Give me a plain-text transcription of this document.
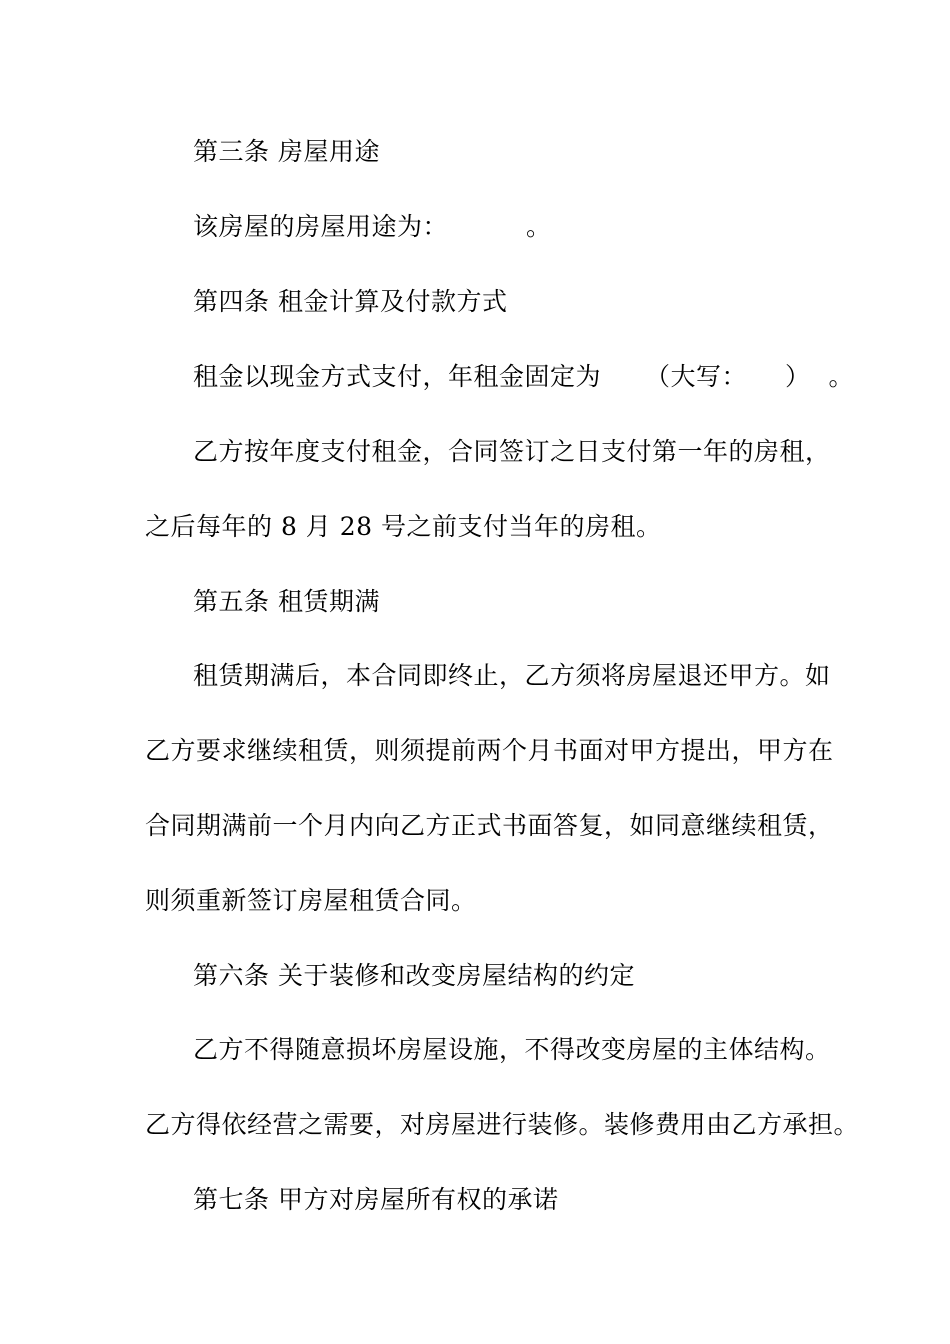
第三条 房屋用途
该房屋的房屋用途为：	。
第四条 租金计算及付款方式
租金以现金方式支付，年租金固定为 （大写： ） 。
乙方按年度支付租金，合同签订之日支付第一年的房租，
之后每年的 8 月 28 号之前支付当年的房租。
第五条 租赁期满
租赁期满后，本合同即终止，乙方须将房屋退还甲方。如
乙方要求继续租赁，则须提前两个月书面对甲方提出，甲方在
合同期满前一个月内向乙方正式书面答复，如同意继续租赁，
则须重新签订房屋租赁合同。
第六条 关于装修和改变房屋结构的约定
乙方不得随意损坏房屋设施，不得改变房屋的主体结构。
乙方得依经营之需要，对房屋进行装修。装修费用由乙方承担。
第七条 甲方对房屋所有权的承诺
